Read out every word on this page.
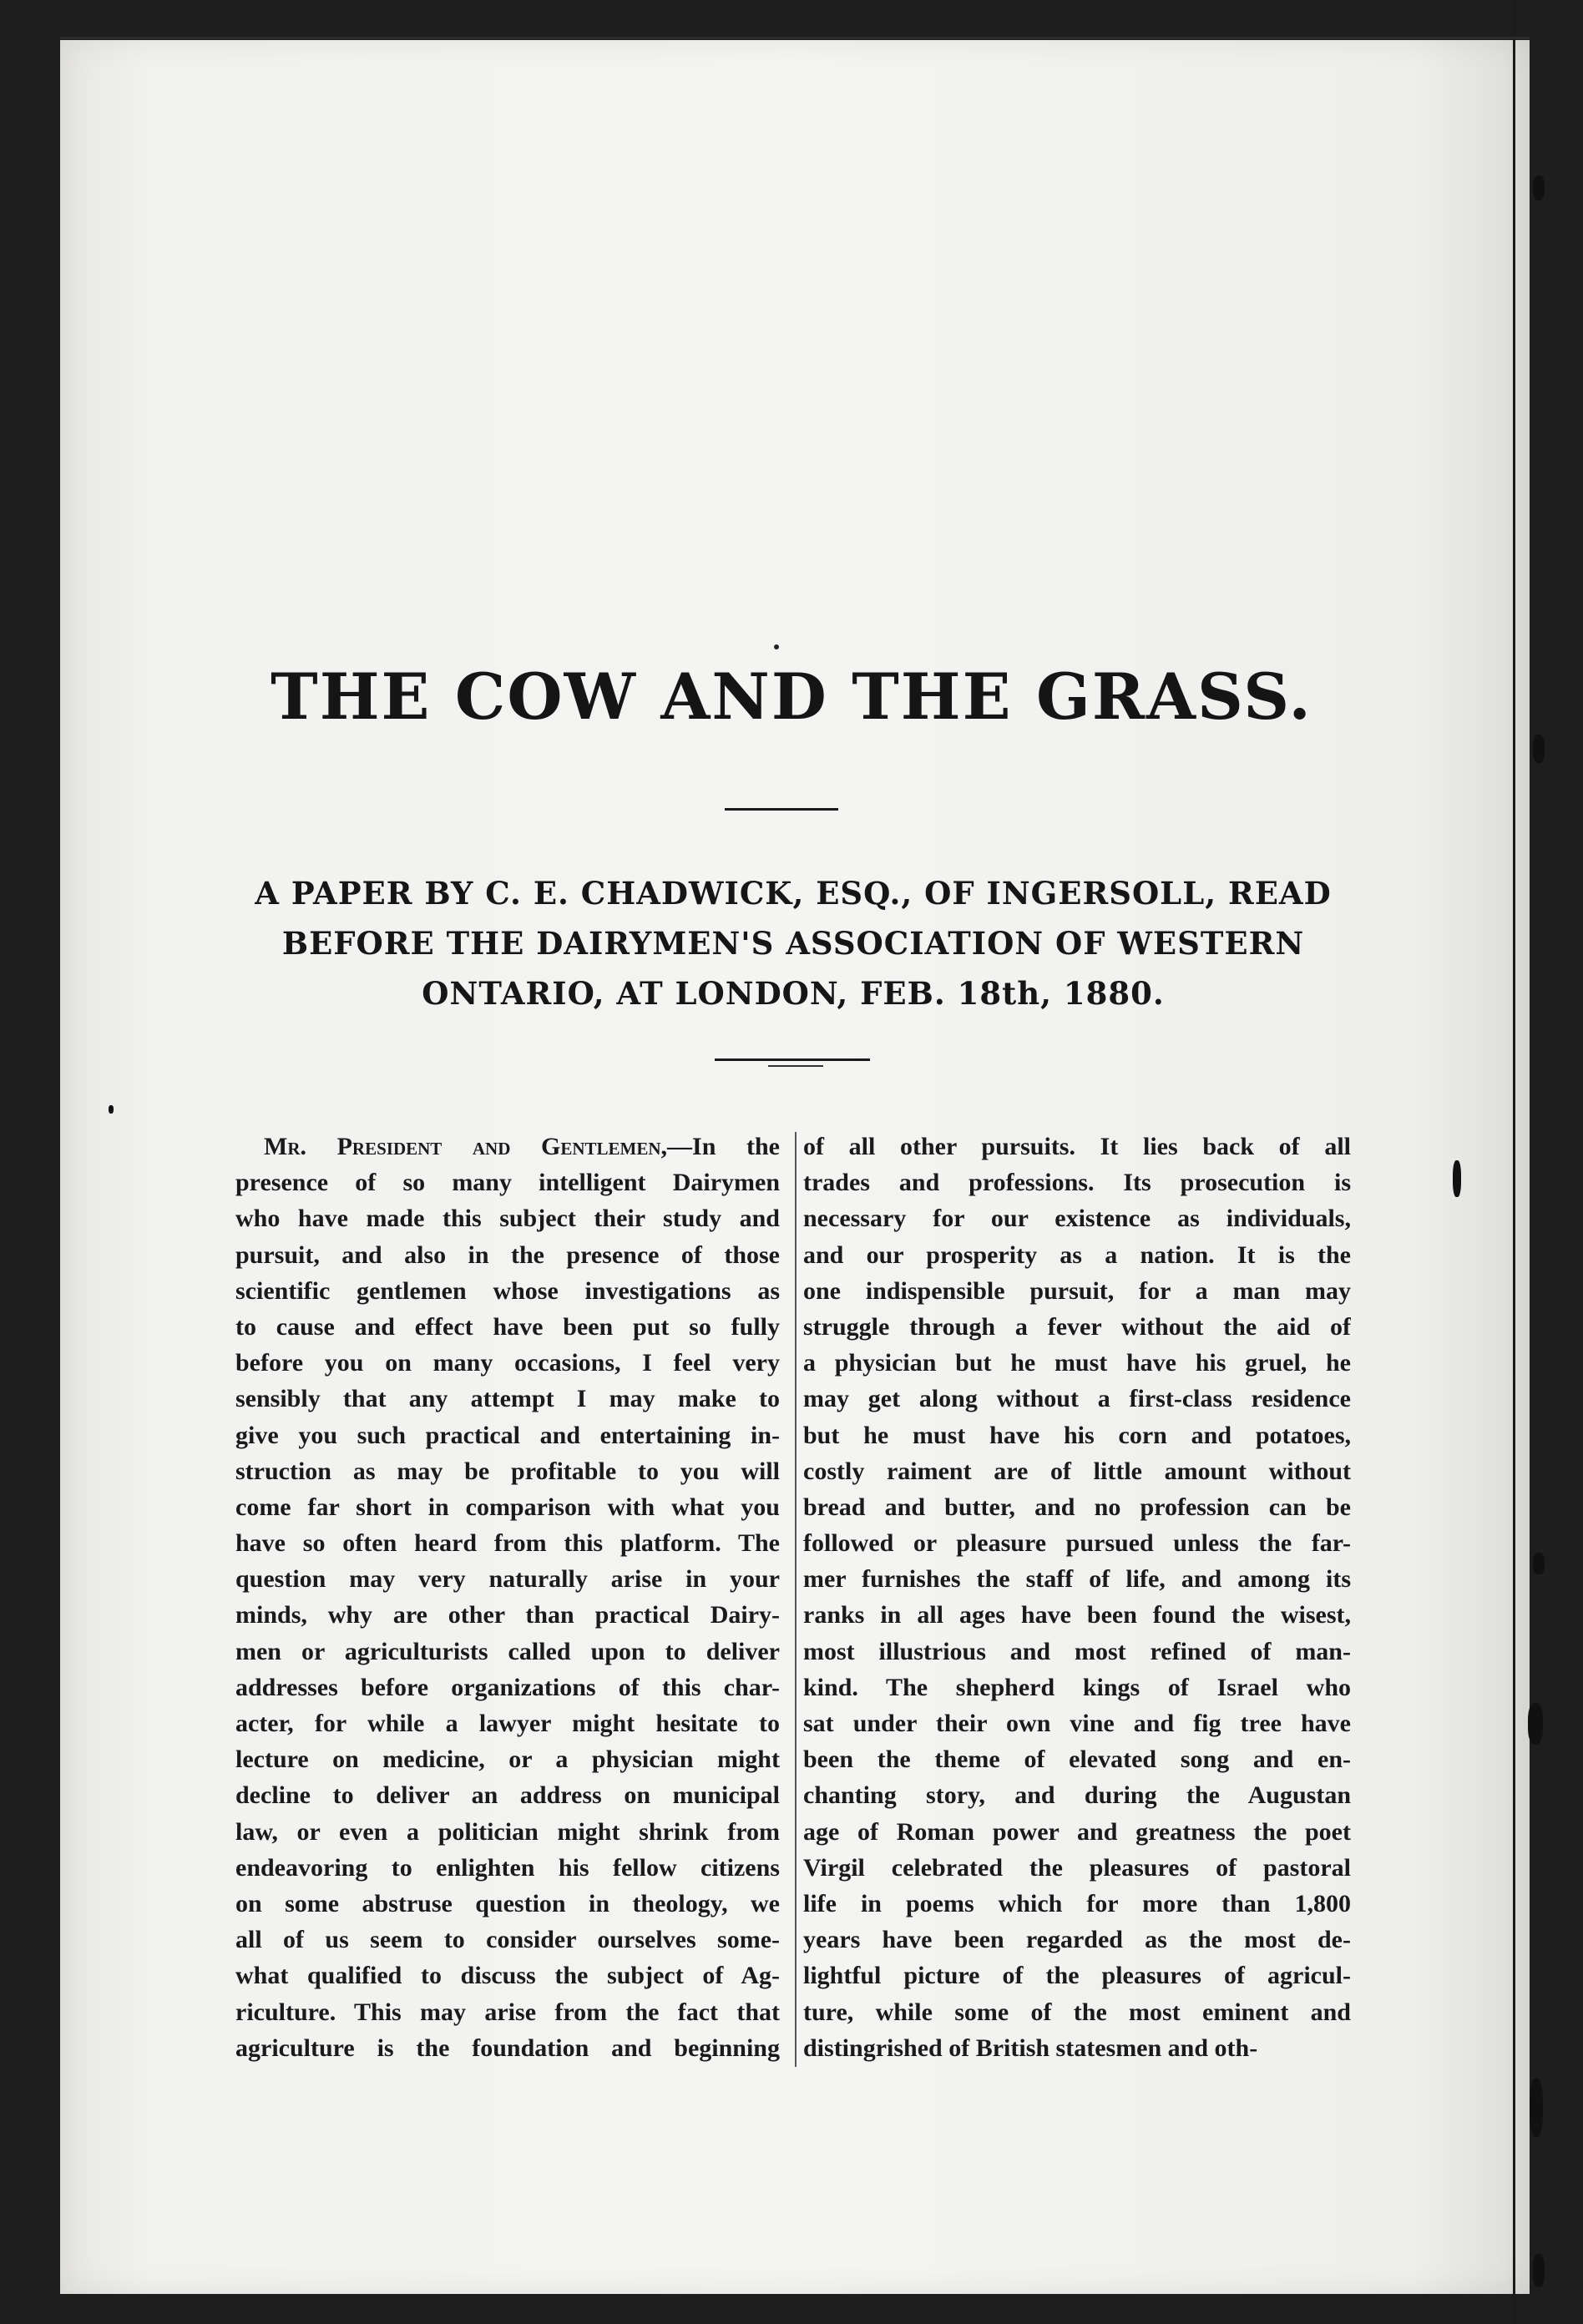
THE COW AND THE GRASS.
A PAPER BY C. E. CHADWICK, ESQ., OF INGERSOLL, READ
BEFORE THE DAIRYMEN'S ASSOCIATION OF WESTERN
ONTARIO, AT LONDON, FEB. 18th, 1880.
Mr. President and Gentlemen,—In the
presence of so many intelligent Dairymen
who have made this subject their study and
pursuit, and also in the presence of those
scientific gentlemen whose investigations as
to cause and effect have been put so fully
before you on many occasions, I feel very
sensibly that any attempt I may make to
give you such practical and entertaining in-
struction as may be profitable to you will
come far short in comparison with what you
have so often heard from this platform. The
question may very naturally arise in your
minds, why are other than practical Dairy-
men or agriculturists called upon to deliver
addresses before organizations of this char-
acter, for while a lawyer might hesitate to
lecture on medicine, or a physician might
decline to deliver an address on municipal
law, or even a politician might shrink from
endeavoring to enlighten his fellow citizens
on some abstruse question in theology, we
all of us seem to consider ourselves some-
what qualified to discuss the subject of Ag-
riculture. This may arise from the fact that
agriculture is the foundation and beginning
of all other pursuits. It lies back of all
trades and professions. Its prosecution is
necessary for our existence as individuals,
and our prosperity as a nation. It is the
one indispensible pursuit, for a man may
struggle through a fever without the aid of
a physician but he must have his gruel, he
may get along without a first-class residence
but he must have his corn and potatoes,
costly raiment are of little amount without
bread and butter, and no profession can be
followed or pleasure pursued unless the far-
mer furnishes the staff of life, and among its
ranks in all ages have been found the wisest,
most illustrious and most refined of man-
kind. The shepherd kings of Israel who
sat under their own vine and fig tree have
been the theme of elevated song and en-
chanting story, and during the Augustan
age of Roman power and greatness the poet
Virgil celebrated the pleasures of pastoral
life in poems which for more than 1,800
years have been regarded as the most de-
lightful picture of the pleasures of agricul-
ture, while some of the most eminent and
distingrished of British statesmen and oth-
